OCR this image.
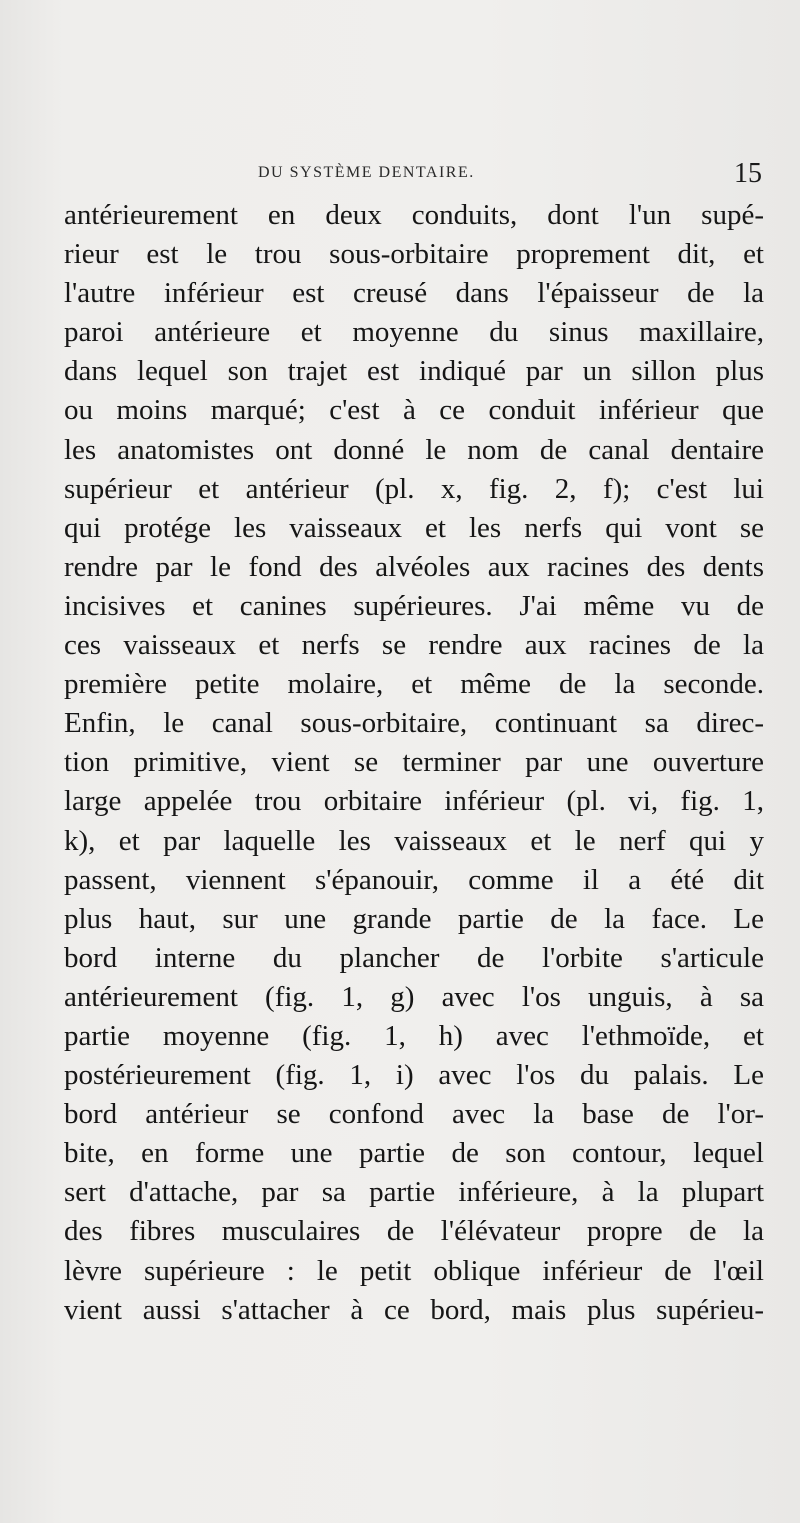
DU SYSTÈME DENTAIRE.	15
antérieurement en deux conduits, dont l'un supé-
rieur est le trou sous-orbitaire proprement dit, et
l'autre inférieur est creusé dans l'épaisseur de la
paroi antérieure et moyenne du sinus maxillaire,
dans lequel son trajet est indiqué par un sillon plus
ou moins marqué; c'est à ce conduit inférieur que
les anatomistes ont donné le nom de canal dentaire
supérieur et antérieur (pl. x, fig. 2, f); c'est lui
qui protége les vaisseaux et les nerfs qui vont se
rendre par le fond des alvéoles aux racines des dents
incisives et canines supérieures. J'ai même vu de
ces vaisseaux et nerfs se rendre aux racines de la
première petite molaire, et même de la seconde.
Enfin, le canal sous-orbitaire, continuant sa direc-
tion primitive, vient se terminer par une ouverture
large appelée trou orbitaire inférieur (pl. vi, fig. 1,
k), et par laquelle les vaisseaux et le nerf qui y
passent, viennent s'épanouir, comme il a été dit
plus haut, sur une grande partie de la face. Le
bord interne du plancher de l'orbite s'articule
antérieurement (fig. 1, g) avec l'os unguis, à sa
partie moyenne (fig. 1, h) avec l'ethmoïde, et
postérieurement (fig. 1, i) avec l'os du palais. Le
bord antérieur se confond avec la base de l'or-
bite, en forme une partie de son contour, lequel
sert d'attache, par sa partie inférieure, à la plupart
des fibres musculaires de l'élévateur propre de la
lèvre supérieure : le petit oblique inférieur de l'œil
vient aussi s'attacher à ce bord, mais plus supérieu-
